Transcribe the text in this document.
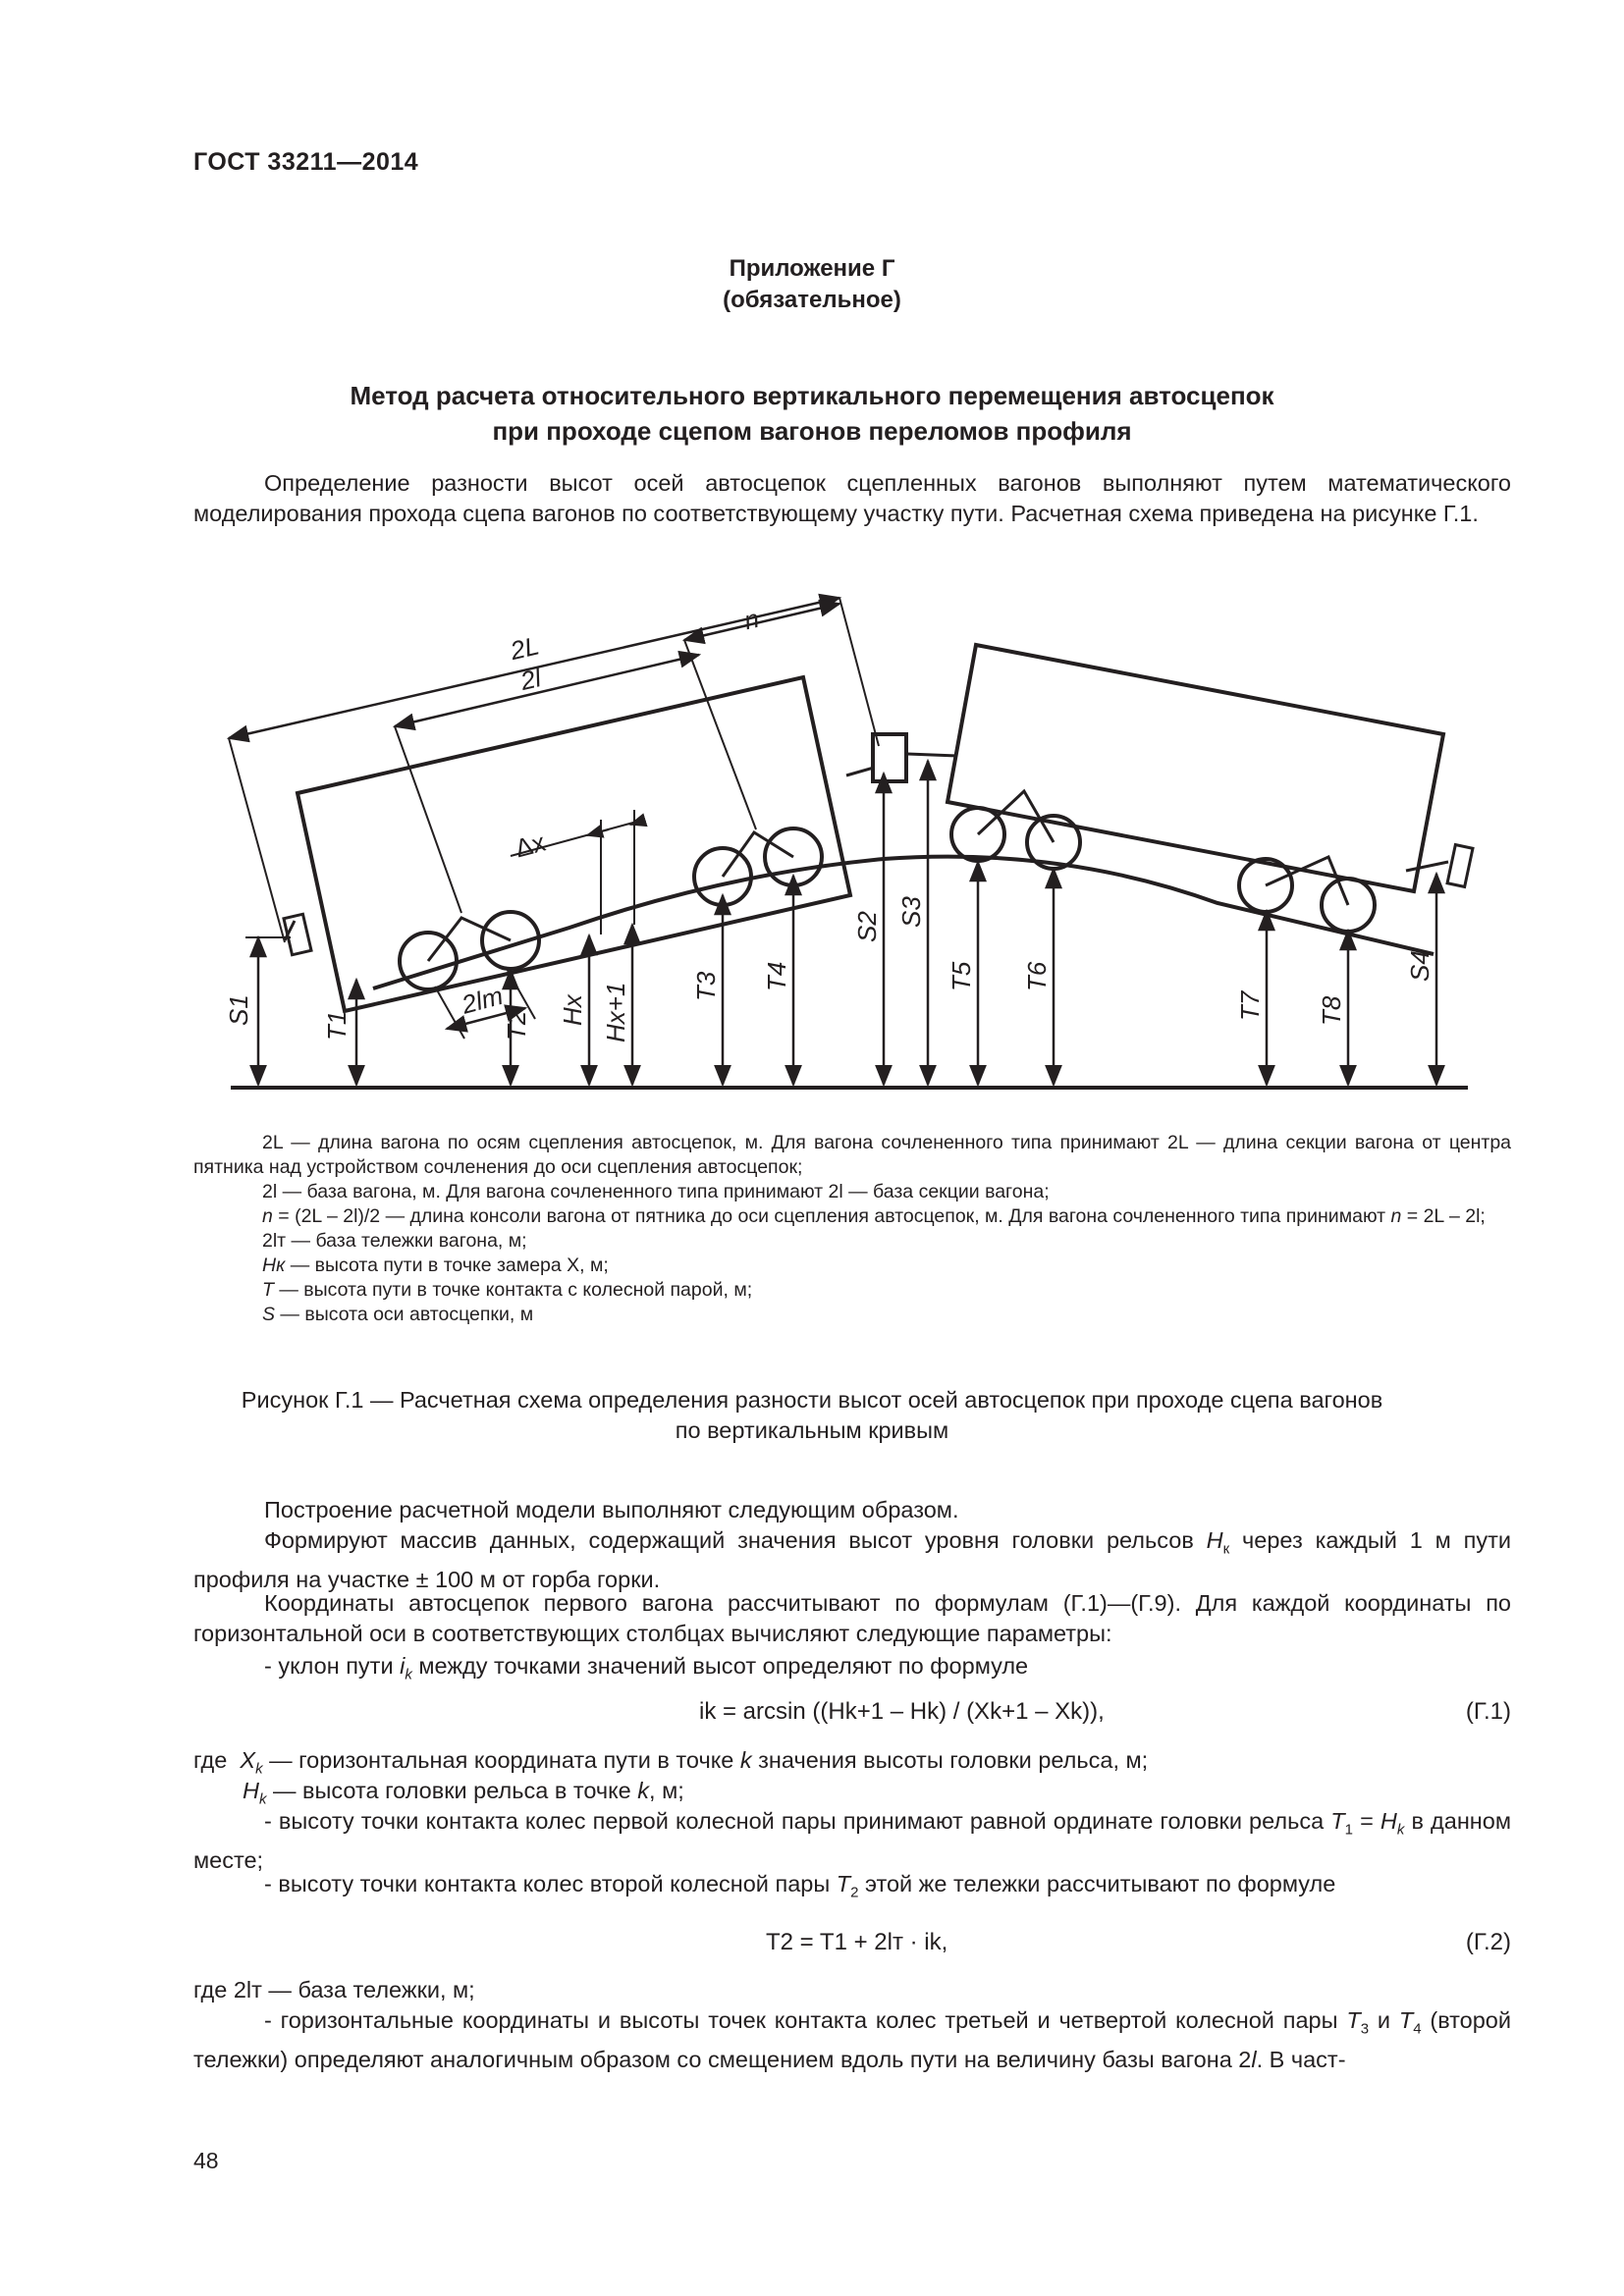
ГОСТ 33211—2014
Приложение Г
(обязательное)
Метод расчета относительного вертикального перемещения автосцепок
при проходе сцепом вагонов переломов профиля
Определение разности высот осей автосцепок сцепленных вагонов выполняют путем математического моделирования прохода сцепа вагонов по соответствующему участку пути. Расчетная схема приведена на рисунке Г.1.
2L
2l
n
Δx
2lт
S1	T1	T2 Hx Hx+1 T3 T4
S2 S3
T5 T6
T7 T8
S4

2L — длина вагона по осям сцепления автосцепок, м. Для вагона сочлененного типа принимают 2L — длина секции вагона от центра пятника над устройством сочленения до оси сцепления автосцепок;

2l — база вагона, м. Для вагона сочлененного типа принимают 2l — база секции вагона;

n = (2L – 2l)/2 — длина консоли вагона от пятника до оси сцепления автосцепок, м. Для вагона сочлененного типа принимают n = 2L – 2l;

2lт — база тележки вагона, м;

Hк — высота пути в точке замера X, м;

T — высота пути в точке контакта с колесной парой, м;

S — высота оси автосцепки, м

Рисунок Г.1 — Расчетная схема определения разности высот осей автосцепок при проходе сцепа вагонов
по вертикальным кривым
Построение расчетной модели выполняют следующим образом.
Формируют массив данных, содержащий значения высот уровня головки рельсов $H_к$ через каждый 1 м пути профиля на участке ± 100 м от горба горки.
Координаты автосцепок первого вагона рассчитывают по формулам (Г.1)—(Г.9). Для каждой координаты по горизонтальной оси в соответствующих столбцах вычисляют следующие параметры:
- уклон пути $i_k$ между точками значений высот определяют по формуле
ik = arcsin ((Hk+1 – Hk) / (Xk+1 – Xk)),	(Г.1)
где $X_k$ — горизонтальная координата пути в точке k значения высоты головки рельса, м;
$H_k$ — высота головки рельса в точке k, м;
- высоту точки контакта колес первой колесной пары принимают равной ординате головки рельса $T_1 = H_k$ в данном месте;
- высоту точки контакта колес второй колесной пары $T_2$ этой же тележки рассчитывают по формуле
T2 = T1 + 2lт · ik,	(Г.2)
где 2lт — база тележки, м;
- горизонтальные координаты и высоты точек контакта колес третьей и четвертой колесной пары $T_3$ и $T_4$ (второй тележки) определяют аналогичным образом со смещением вдоль пути на величину базы вагона 2l. В част-
48
